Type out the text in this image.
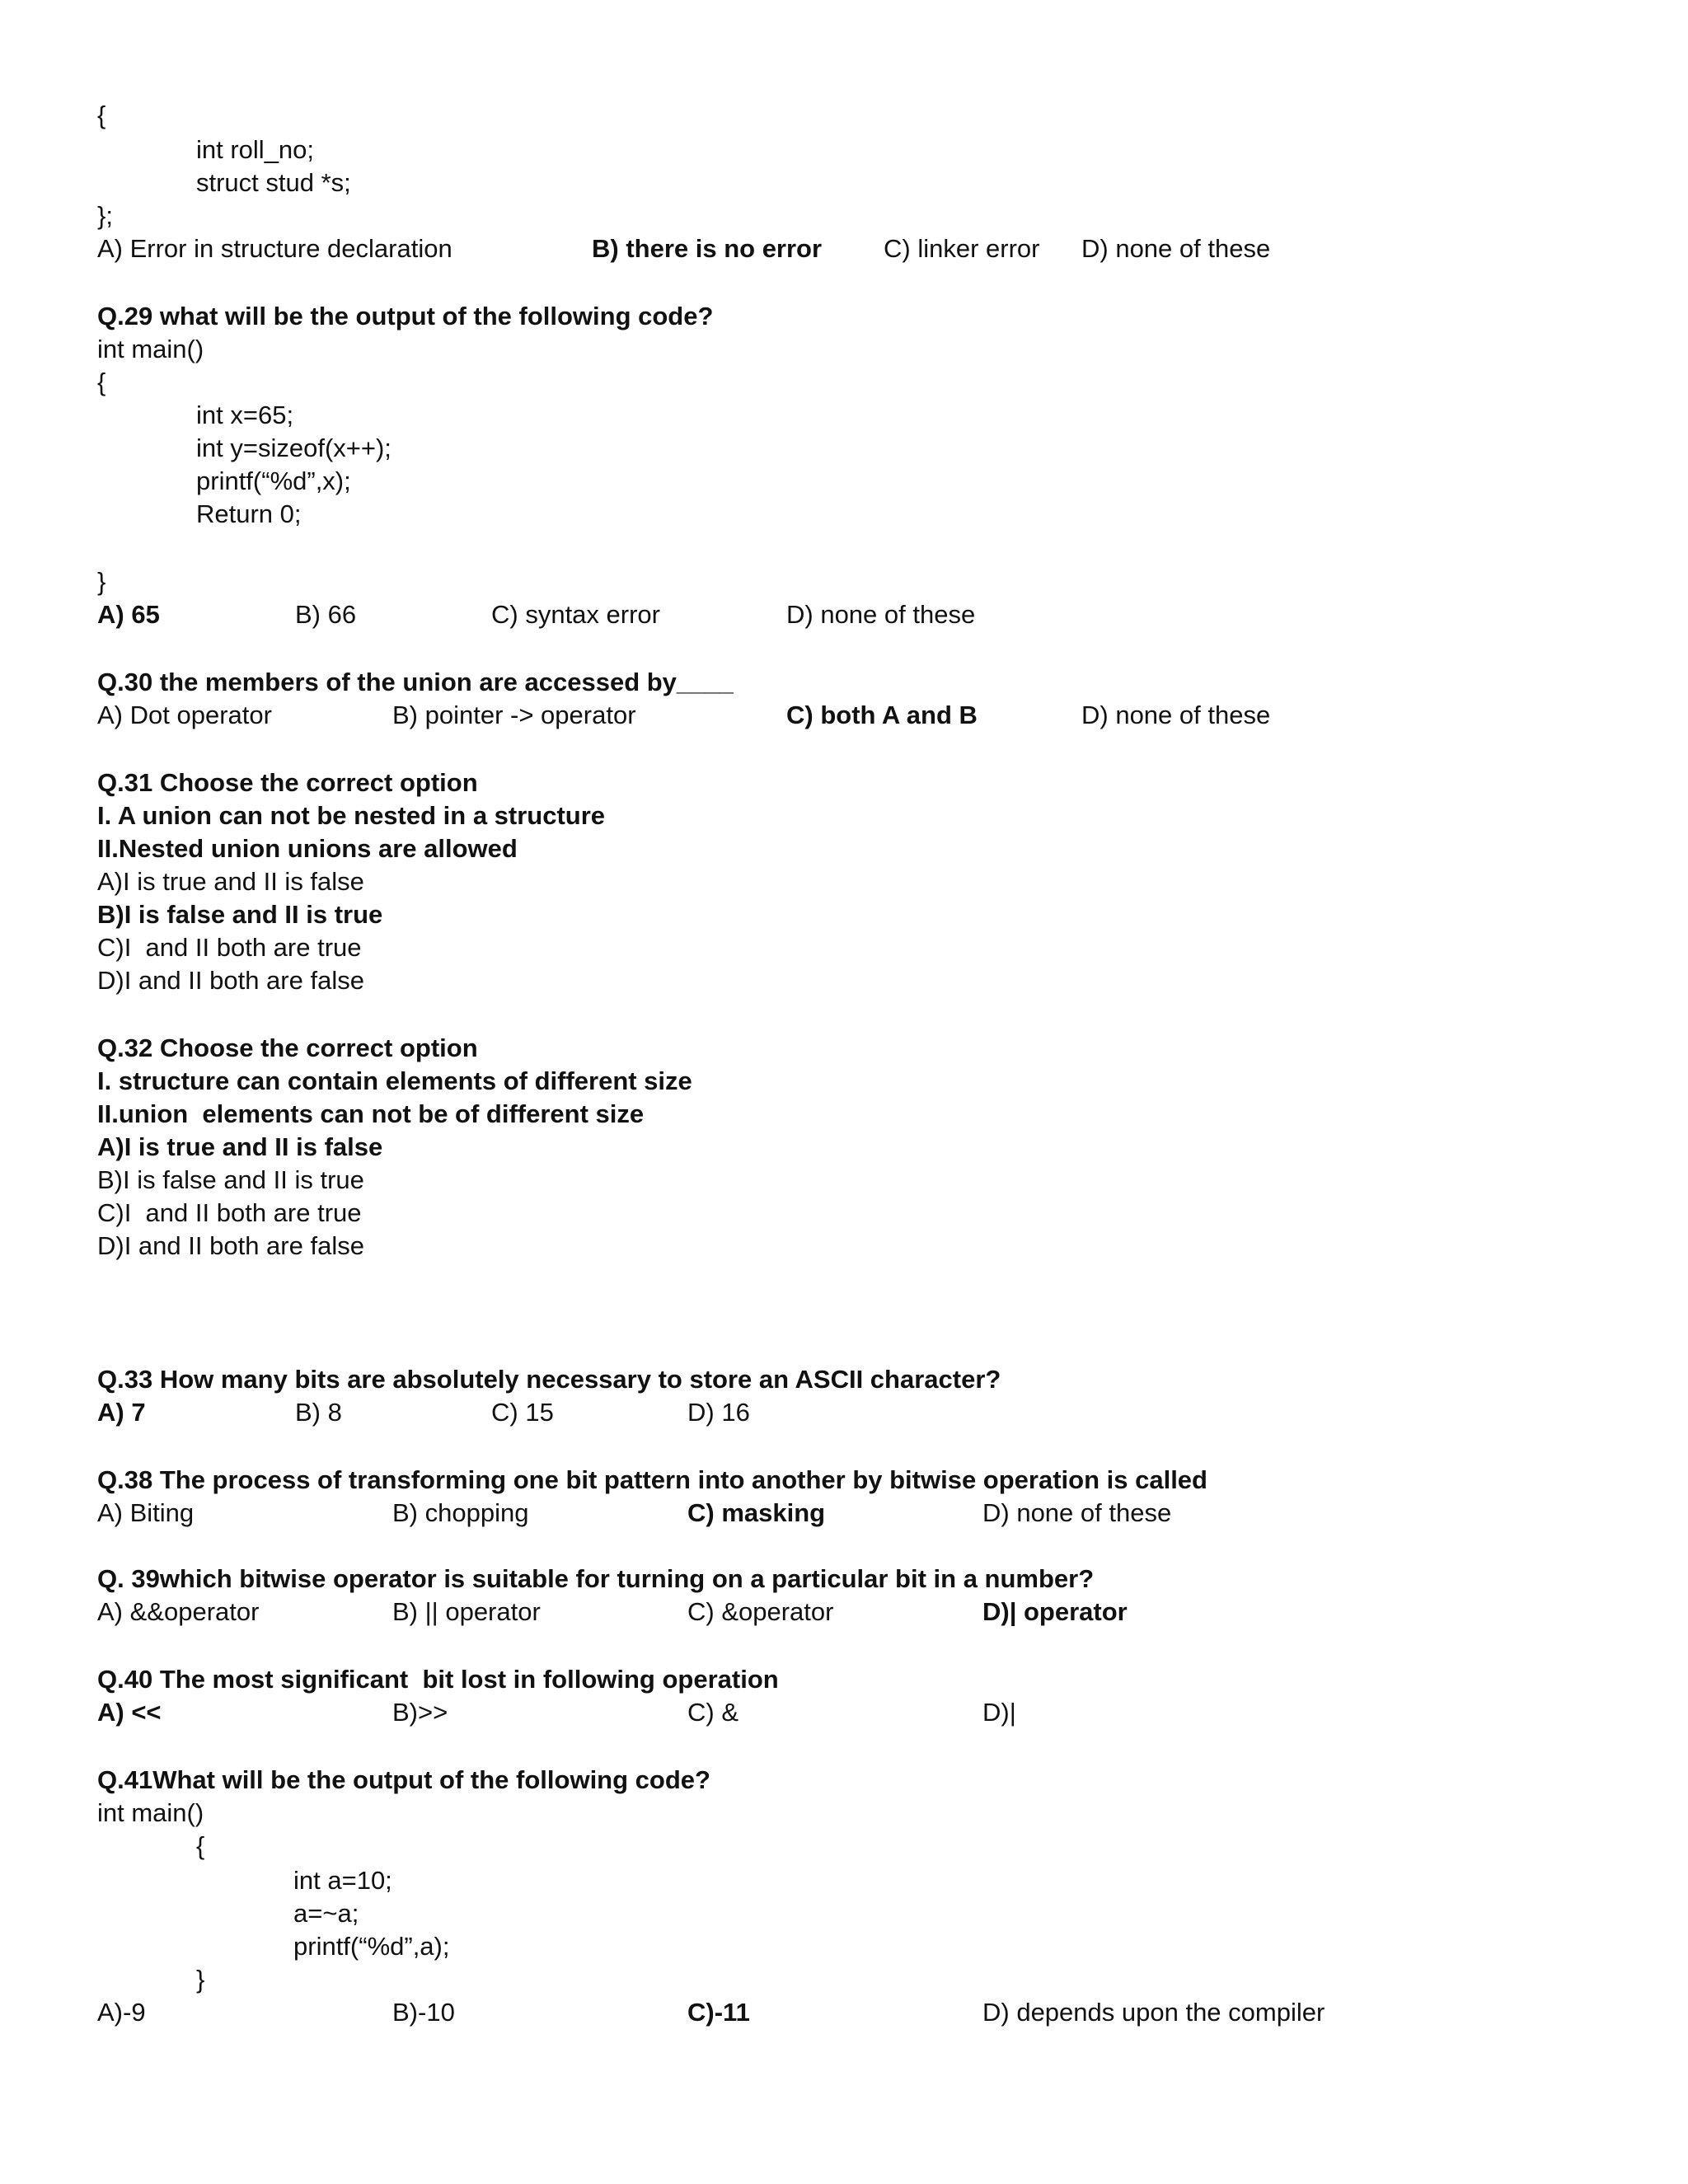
{
int roll_no;
struct stud *s;
};
A) Error in structure declaration	B) there is no error C) linker error D) none of these
Q.29 what will be the output of the following code?
int main()
{
int x=65;
int y=sizeof(x++);
printf(“%d”,x);
Return 0;
}
A) 65	B) 66	C) syntax error	D) none of these
Q.30 the members of the union are accessed by____
A) Dot operator	B) pointer -> operator	C) both A and B	D) none of these
Q.31 Choose the correct option
I. A union can not be nested in a structure
II.Nested union unions are allowed
A)I is true and II is false
B)I is false and II is true
C)I  and II both are true
D)I and II both are false
Q.32 Choose the correct option
I. structure can contain elements of different size
II.union  elements can not be of different size
A)I is true and II is false
B)I is false and II is true
C)I  and II both are true
D)I and II both are false
Q.33 How many bits are absolutely necessary to store an ASCII character?
A) 7	B) 8	C) 15	D) 16
Q.38 The process of transforming one bit pattern into another by bitwise operation is called
A) Biting	B) chopping	C) masking	D) none of these
Q. 39which bitwise operator is suitable for turning on a particular bit in a number?
A) &&operator	B) || operator	C) &operator	D)| operator
Q.40 The most significant  bit lost in following operation
A) <<	B)>>	C) &	D)|
Q.41What will be the output of the following code?
int main()
{
int a=10;
a=~a;
printf(“%d”,a);
}
A)-9	B)-10	C)-11	D) depends upon the compiler
